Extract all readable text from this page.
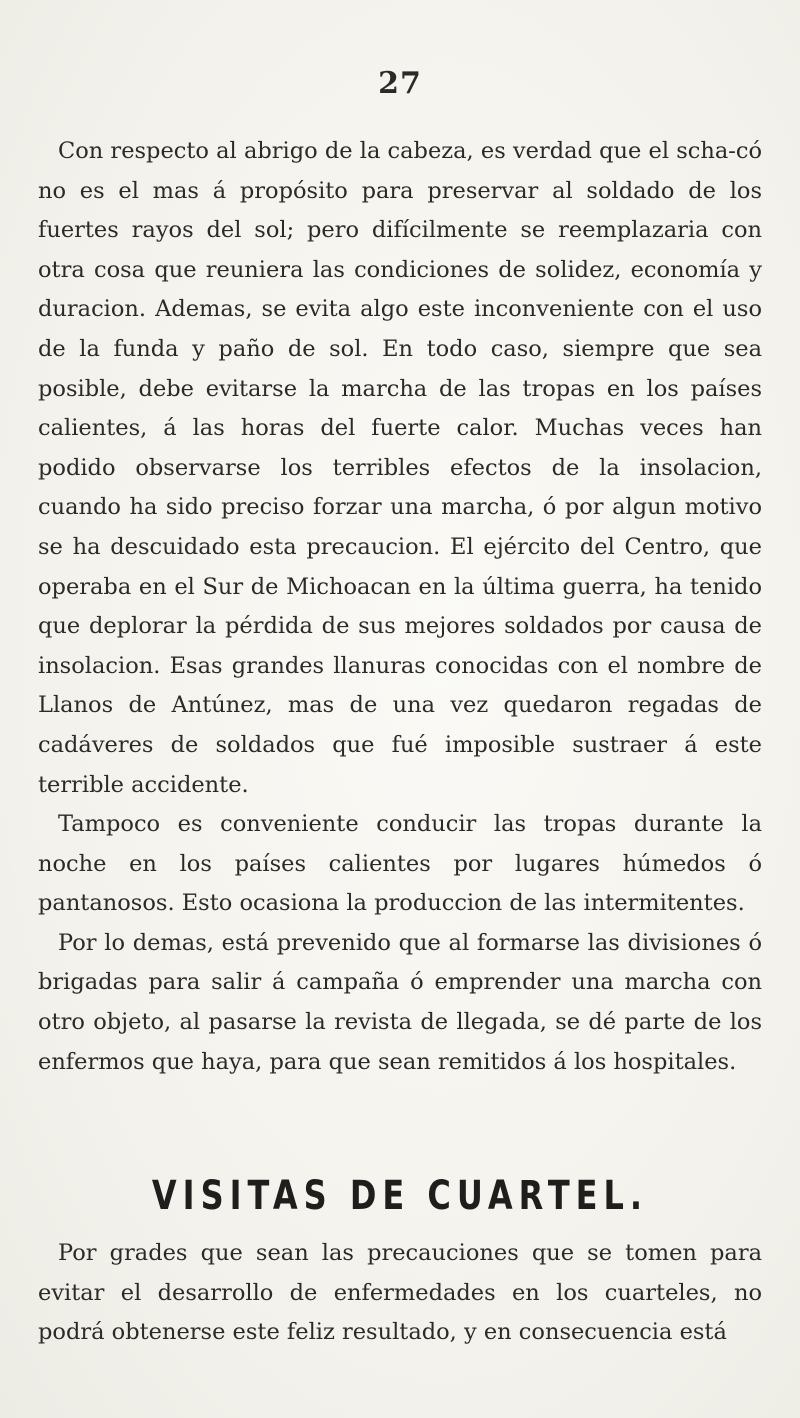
27

Con respecto al abrigo de la cabeza, es verdad que el scha-có no es el mas á propósito para preservar al soldado de los fuertes rayos del sol; pero difícilmente se reemplazaria con otra cosa que reuniera las condiciones de solidez, economía y duracion. Ademas, se evita algo este inconveniente con el uso de la funda y paño de sol. En todo caso, siempre que sea posible, debe evitarse la marcha de las tropas en los países calientes, á las horas del fuerte calor. Muchas veces han podido observarse los terribles efectos de la insolacion, cuando ha sido preciso forzar una marcha, ó por algun motivo se ha descuidado esta precaucion. El ejército del Centro, que operaba en el Sur de Michoacan en la última guerra, ha tenido que deplorar la pérdida de sus mejores soldados por causa de insolacion. Esas grandes llanuras conocidas con el nombre de Llanos de Antúnez, mas de una vez quedaron regadas de cadáveres de soldados que fué imposible sustraer á este terrible accidente.

Tampoco es conveniente conducir las tropas durante la noche en los países calientes por lugares húmedos ó pantanosos. Esto ocasiona la produccion de las intermitentes.

Por lo demas, está prevenido que al formarse las divisiones ó brigadas para salir á campaña ó emprender una marcha con otro objeto, al pasarse la revista de llegada, se dé parte de los enfermos que haya, para que sean remitidos á los hospitales.

VISITAS DE CUARTEL.

Por grades que sean las precauciones que se tomen para evitar el desarrollo de enfermedades en los cuarteles, no podrá obtenerse este feliz resultado, y en consecuencia está
